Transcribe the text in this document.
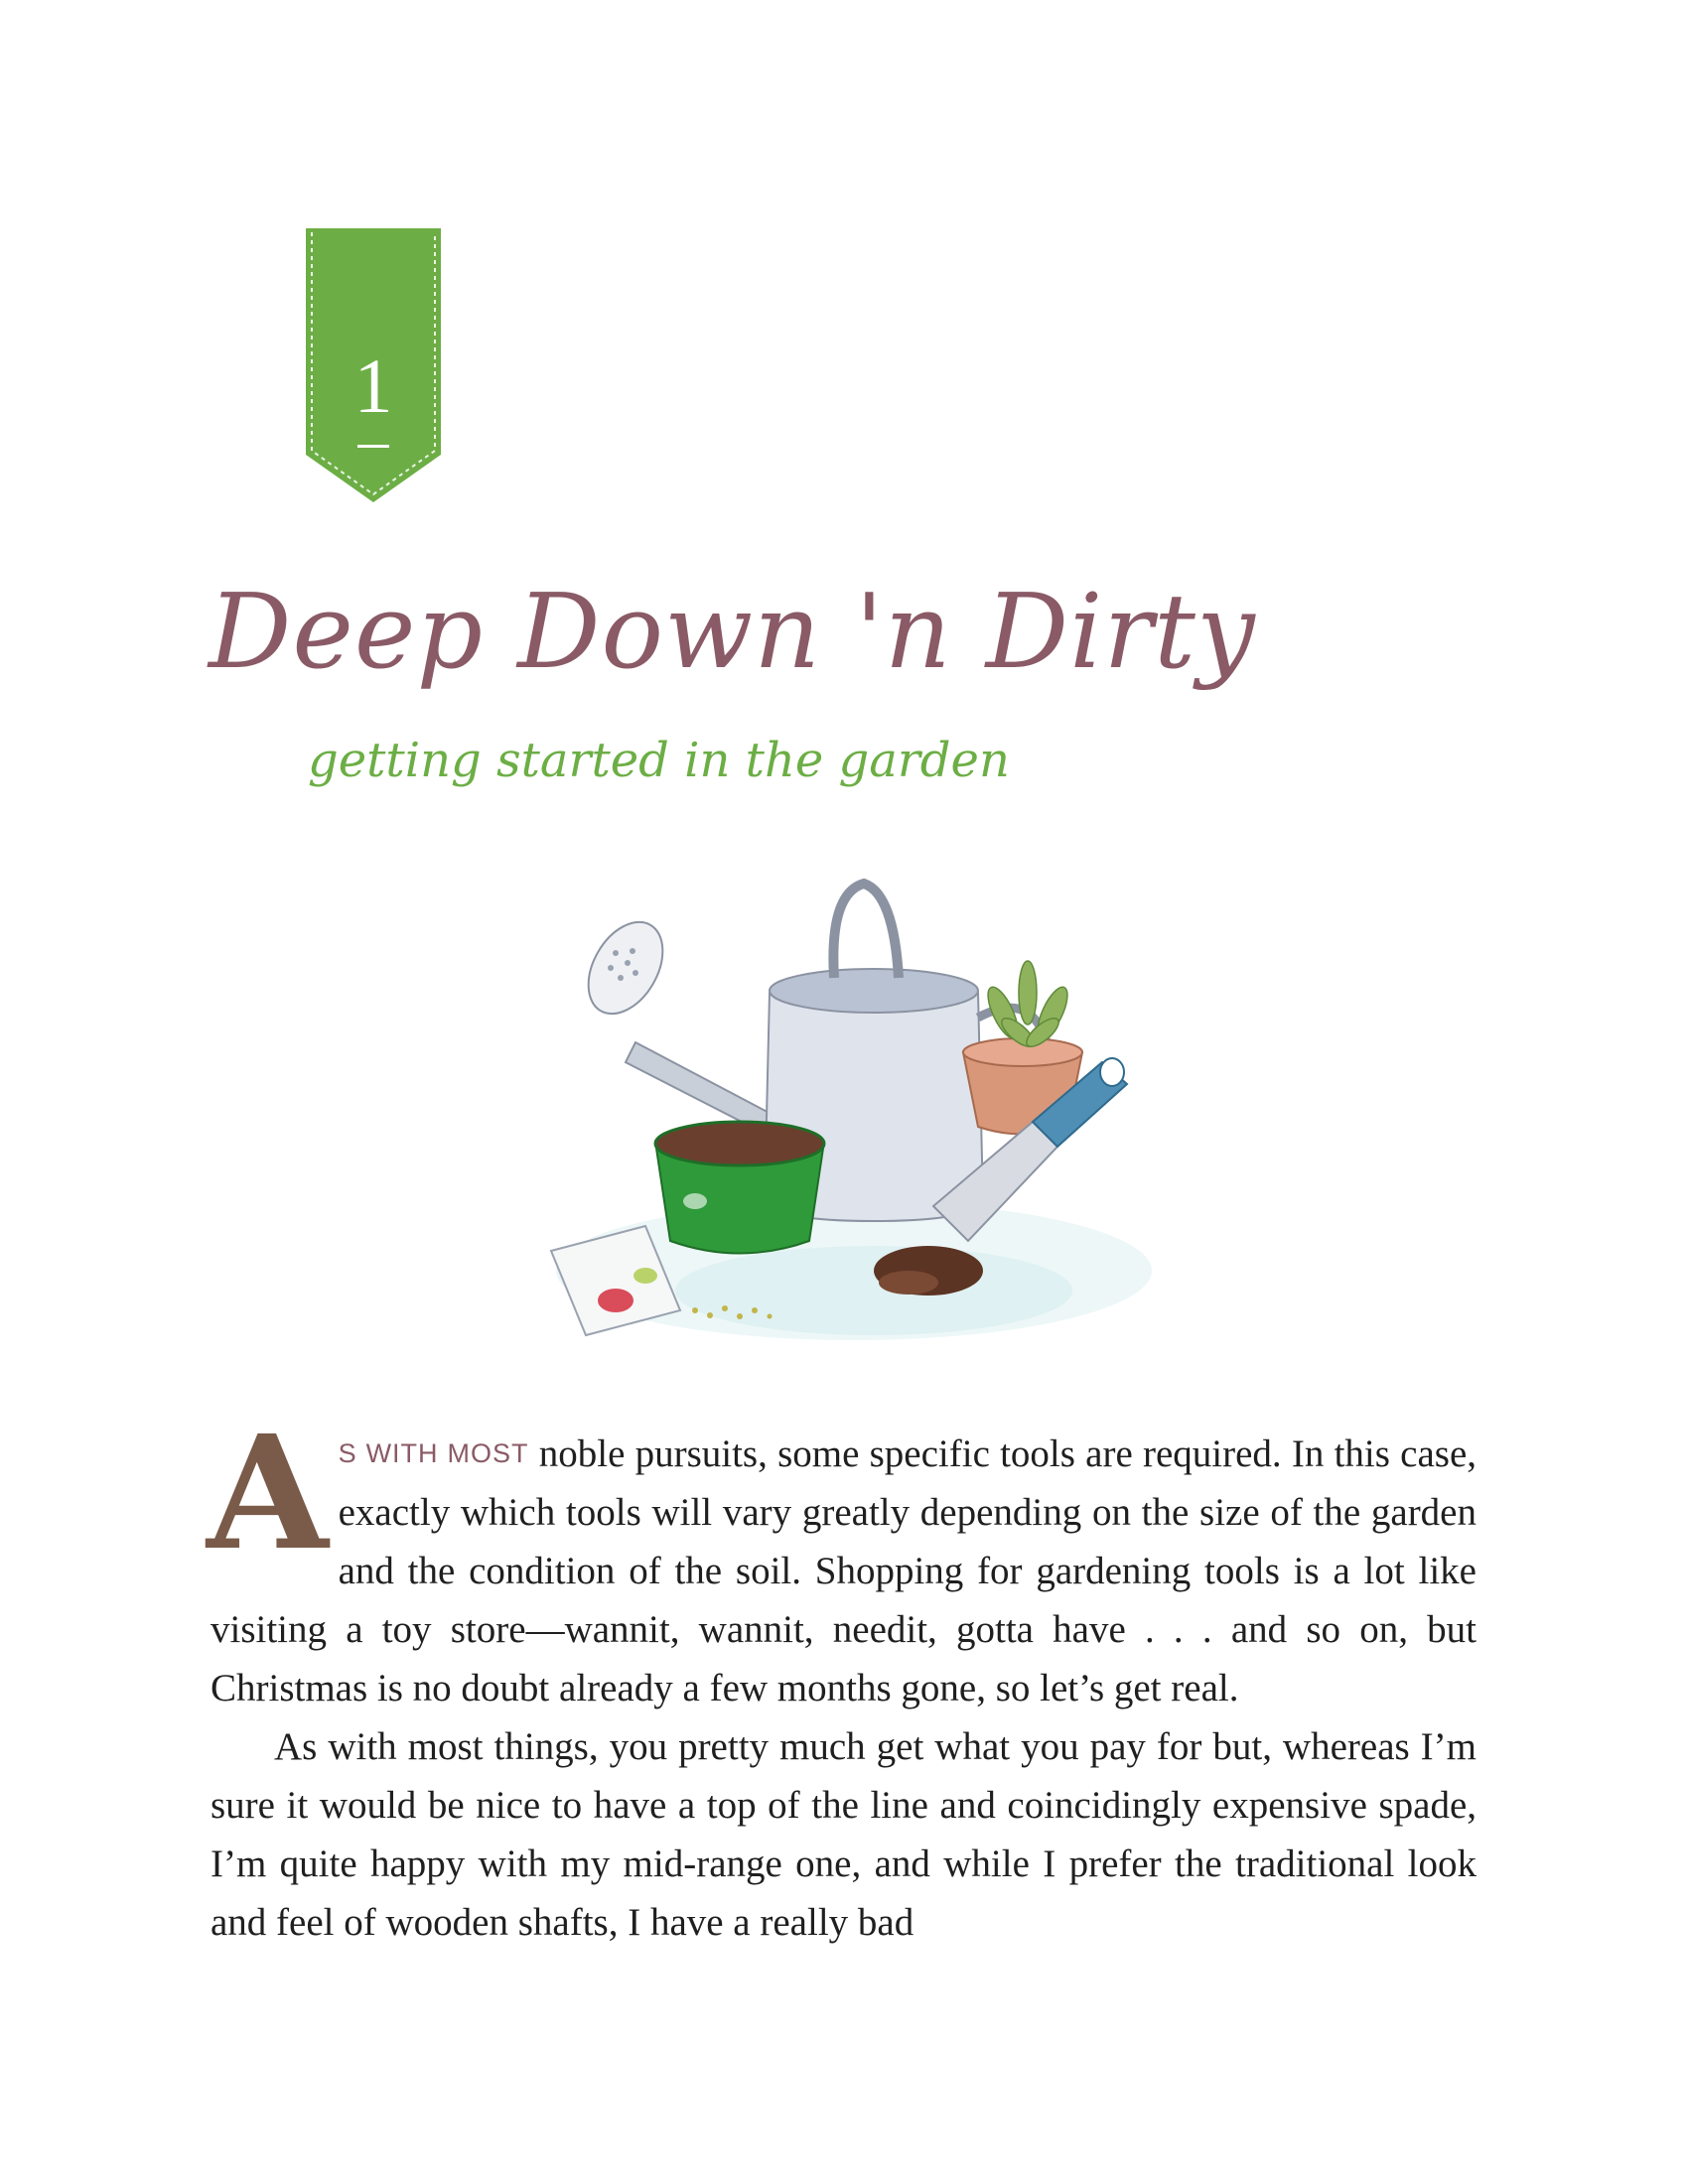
1
Deep Down 'n Dirty
getting started in the garden

A S WITH MOST noble pursuits, some specific tools are required. In this case, exactly which tools will vary greatly depending on the size of the garden and the condition of the soil. Shopping for gardening tools is a lot like visiting a toy store—wannit, wannit, needit, gotta have . . . and so on, but Christmas is no doubt already a few months gone, so let’s get real.

As with most things, you pretty much get what you pay for but, whereas I’m sure it would be nice to have a top of the line and coincidingly expensive spade, I’m quite happy with my mid-range one, and while I prefer the traditional look and feel of wooden shafts, I have a really bad
